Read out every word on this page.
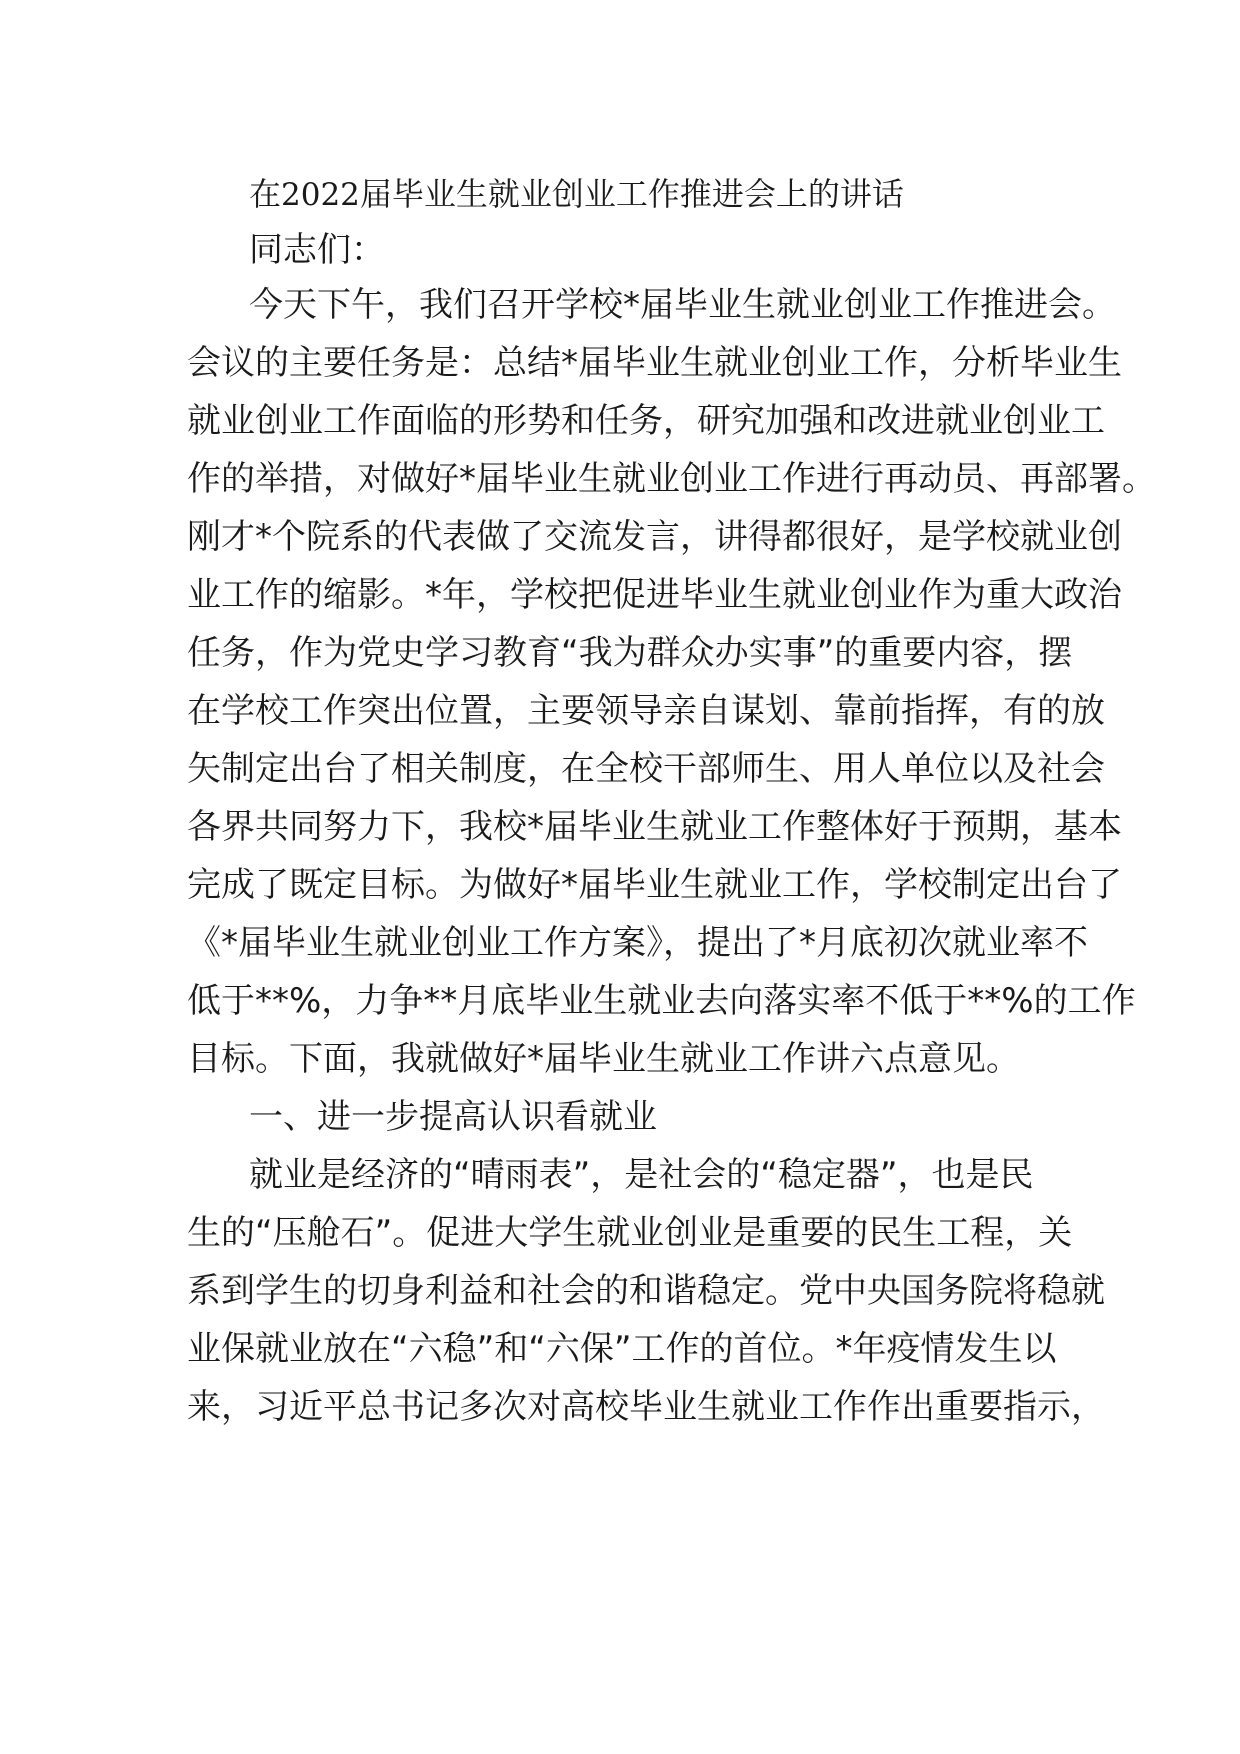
在2022届毕业生就业创业工作推进会上的讲话
同志们：
今天下午，我们召开学校*届毕业生就业创业工作推进会。
会议的主要任务是：总结*届毕业生就业创业工作，分析毕业生
就业创业工作面临的形势和任务，研究加强和改进就业创业工
作的举措，对做好*届毕业生就业创业工作进行再动员、再部署。
刚才*个院系的代表做了交流发言，讲得都很好，是学校就业创
业工作的缩影。*年，学校把促进毕业生就业创业作为重大政治
任务，作为党史学习教育“我为群众办实事”的重要内容，摆
在学校工作突出位置，主要领导亲自谋划、靠前指挥，有的放
矢制定出台了相关制度，在全校干部师生、用人单位以及社会
各界共同努力下，我校*届毕业生就业工作整体好于预期，基本
完成了既定目标。为做好*届毕业生就业工作，学校制定出台了
《*届毕业生就业创业工作方案》，提出了*月底初次就业率不
低于**%，力争**月底毕业生就业去向落实率不低于**%的工作
目标。下面，我就做好*届毕业生就业工作讲六点意见。
一、进一步提高认识看就业
就业是经济的“晴雨表”，是社会的“稳定器”，也是民
生的“压舱石”。促进大学生就业创业是重要的民生工程，关
系到学生的切身利益和社会的和谐稳定。党中央国务院将稳就
业保就业放在“六稳”和“六保”工作的首位。*年疫情发生以
来，习近平总书记多次对高校毕业生就业工作作出重要指示，
